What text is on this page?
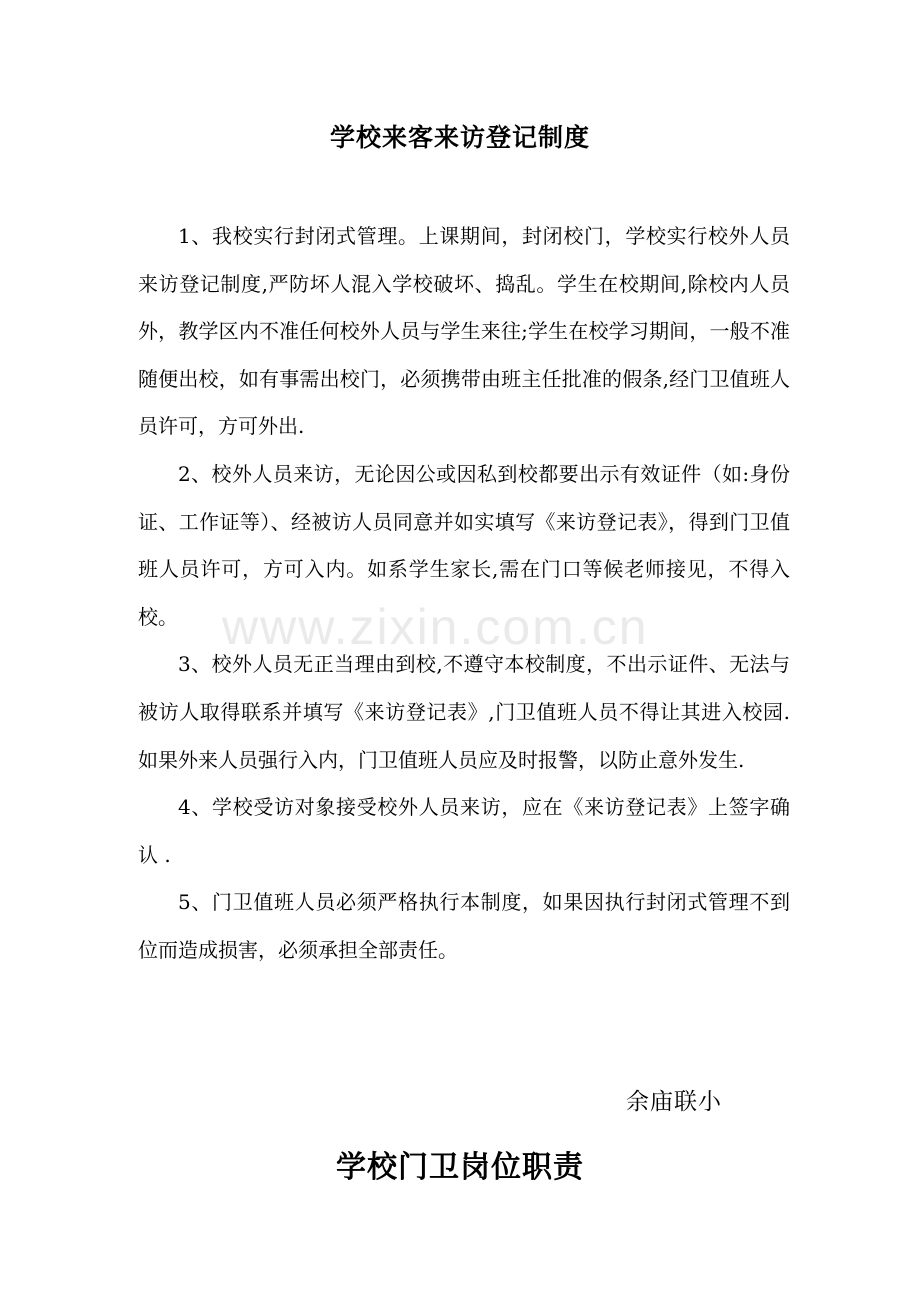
学校来客来访登记制度

1、我校实行封闭式管理。上课期间，封闭校门，学校实行校外人员来访登记制度,严防坏人混入学校破坏、捣乱。学生在校期间,除校内人员外，教学区内不准任何校外人员与学生来往;学生在校学习期间，一般不准随便出校，如有事需出校门，必须携带由班主任批准的假条,经门卫值班人员许可，方可外出.

2、校外人员来访，无论因公或因私到校都要出示有效证件（如:身份证、工作证等）、经被访人员同意并如实填写《来访登记表》，得到门卫值班人员许可，方可入内。如系学生家长,需在门口等候老师接见，不得入校。

3、校外人员无正当理由到校,不遵守本校制度，不出示证件、无法与被访人取得联系并填写《来访登记表》,门卫值班人员不得让其进入校园.如果外来人员强行入内，门卫值班人员应及时报警，以防止意外发生.

4、学校受访对象接受校外人员来访，应在《来访登记表》上签字确认 .

5、门卫值班人员必须严格执行本制度，如果因执行封闭式管理不到位而造成损害，必须承担全部责任。

余庙联小
学校门卫岗位职责
www.zixin.com.cn
